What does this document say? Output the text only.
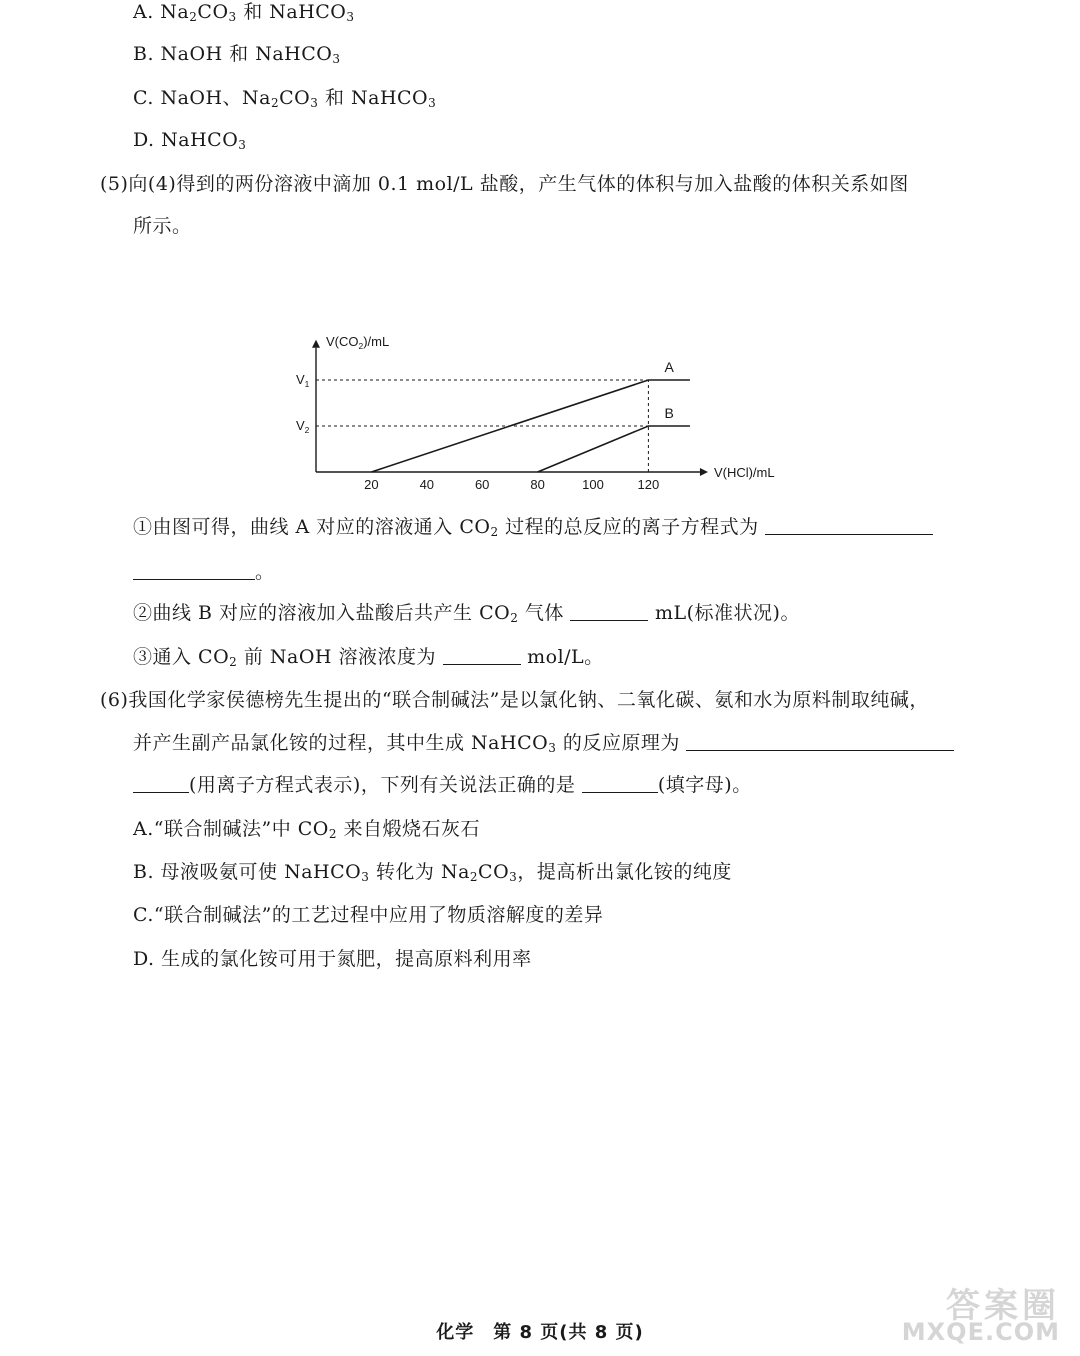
A. $Na_2CO_3$ 和 NaHCO$_3$
B. NaOH 和 NaHCO$_3$
C. NaOH、$Na_2CO_3$ 和 NaHCO$_3$
D. NaHCO$_3$
(5)向(4)得到的两份溶液中滴加 0.1 mol/L 盐酸，产生气体的体积与加入盐酸的体积关系如图
所示。
$V(CO_2)/mL$
V(HCl)/mL
20	40	60	80	100	120
$V_1$
$V_2$
A
B
①由图可得，曲线 A 对应的溶液通入 $CO_2$ 过程的总反应的离子方程式为
。
②曲线 B 对应的溶液加入盐酸后共产生 $CO_2$ 气体	mL(标准状况)。
③通入 $CO_2$ 前 NaOH 溶液浓度为	mol/L。
(6)我国化学家侯德榜先生提出的“联合制碱法”是以氯化钠、二氧化碳、氨和水为原料制取纯碱，
并产生副产品氯化铵的过程，其中生成 NaHCO$_3$ 的反应原理为
(用离子方程式表示)，下列有关说法正确的是	(填字母)。
A.“联合制碱法”中 $CO_2$ 来自煅烧石灰石
B. 母液吸氨可使 NaHCO$_3$ 转化为 $Na_2CO_3$，提高析出氯化铵的纯度
C.“联合制碱法”的工艺过程中应用了物质溶解度的差异
D. 生成的氯化铵可用于氮肥，提高原料利用率
化学　第 8 页(共 8 页)
答案圈
MXQE.COM
